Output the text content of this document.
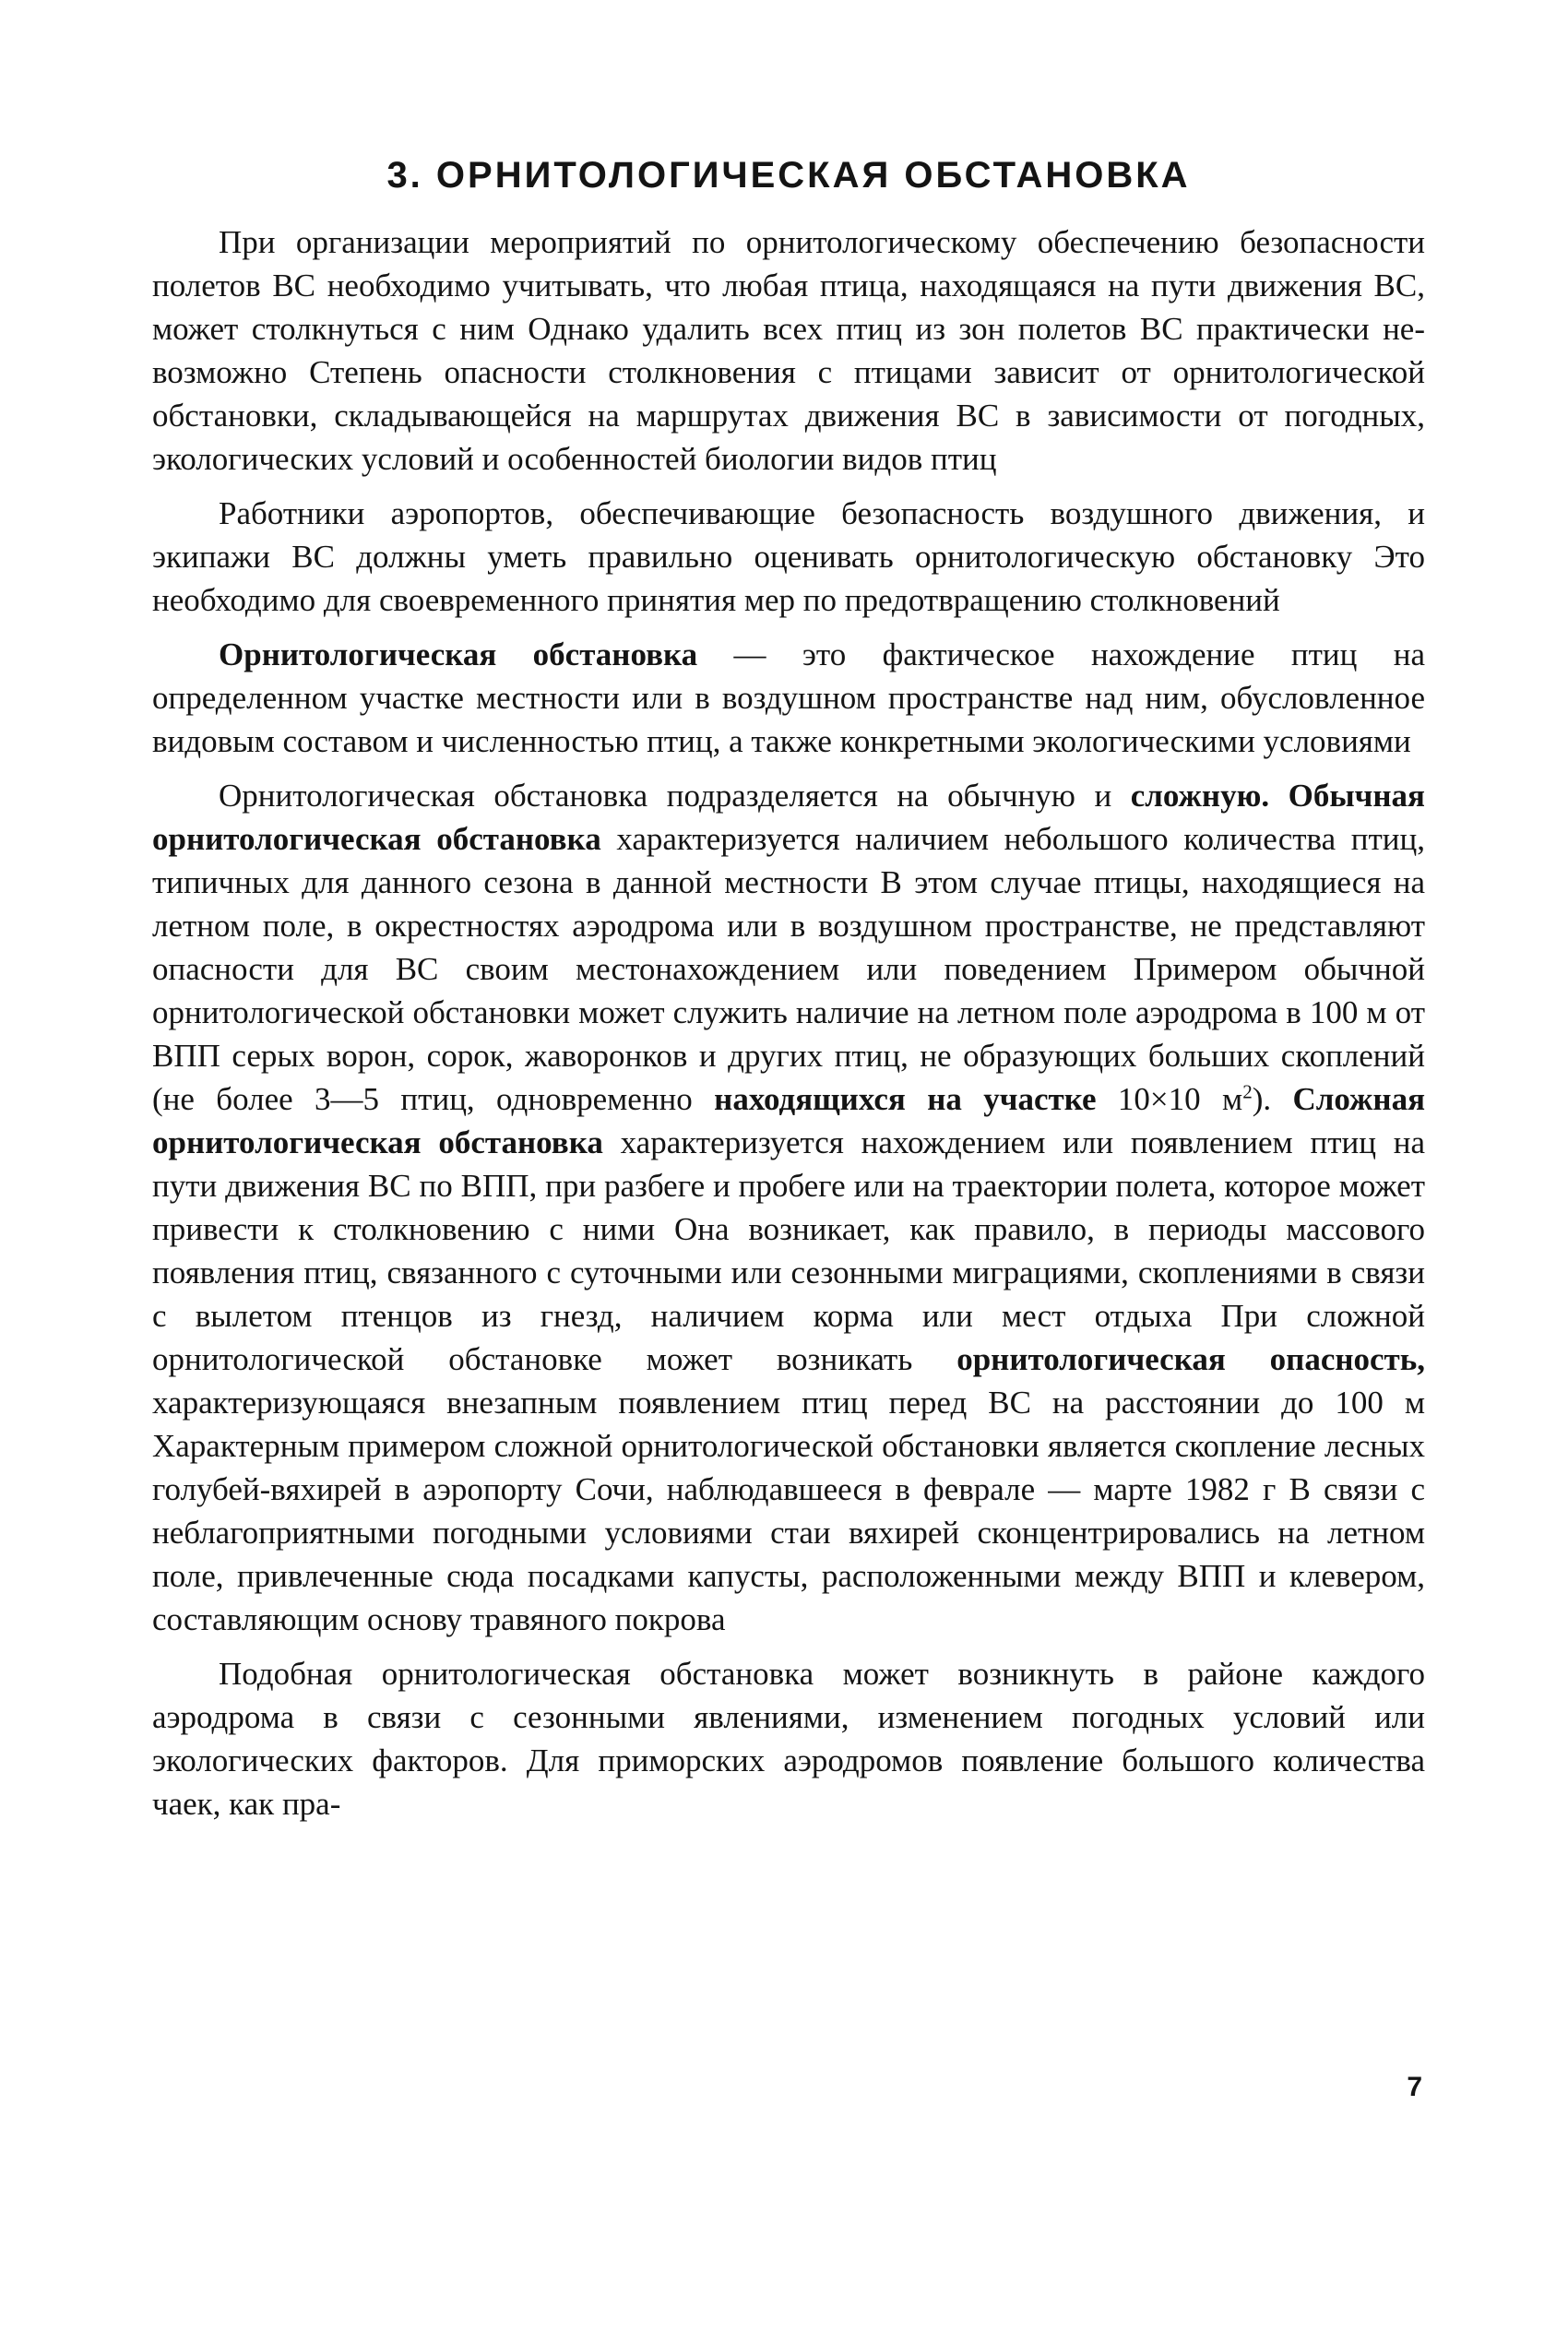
3. ОРНИТОЛОГИЧЕСКАЯ ОБСТАНОВКА

При организации мероприятий по орнитологическому обеспечению безопасности полетов ВС необходимо учитывать, что любая птица, находящаяся на пути движения ВС, может столкнуться с ним Однако удалить всех птиц из зон полетов ВС практически невозможно Степень опасности столкновения с птицами зависит от орнитологической обстановки, складывающейся на маршрутах движения ВС в зависимости от погодных, экологических условий и особенностей биологии видов птиц

Работники аэропортов, обеспечивающие безопасность воздушного движения, и экипажи ВС должны уметь правильно оценивать орнитологическую обстановку Это необходимо для своевременного принятия мер по предотвращению столкновений

Орнитологическая обстановка — это фактическое нахождение птиц на определенном участке местности или в воздушном пространстве над ним, обусловленное видовым составом и численностью птиц, а также конкретными экологическими условиями

Орнитологическая обстановка подразделяется на обычную и сложную. Обычная орнитологическая обстановка характеризуется наличием небольшого количества птиц, типичных для данного сезона в данной местности В этом случае птицы, находящиеся на летном поле, в окрестностях аэродрома или в воздушном пространстве, не представляют опасности для ВС своим местонахождением или поведением Примером обычной орнитологической обстановки может служить наличие на летном поле аэродрома в 100 м от ВПП серых ворон, сорок, жаворонков и других птиц, не образующих больших скоплений (не более 3—5 птиц, одновременно находящихся на участке 10×10 $м^2$). Сложная орнитологическая обстановка характеризуется нахождением или появлением птиц на пути движения ВС по ВПП, при разбеге и пробеге или на траектории полета, которое может привести к столкновению с ними Она возникает, как правило, в периоды массового появления птиц, связанного с суточными или сезонными миграциями, скоплениями в связи с вылетом птенцов из гнезд, наличием корма или мест отдыха При сложной орнитологической обстановке может возникать орнитологическая опасность, характеризующаяся внезапным появлением птиц перед ВС на расстоянии до 100 м Характерным примером сложной орнитологической обстановки является скопление лесных голубей-вяхирей в аэропорту Сочи, наблюдавшееся в феврале — марте 1982 г В связи с неблагоприятными погодными условиями стаи вяхирей сконцентрировались на летном поле, привлеченные сюда посадками капусты, расположенными между ВПП и клевером, составляющим основу травяного покрова

Подобная орнитологическая обстановка может возникнуть в районе каждого аэродрома в связи с сезонными явлениями, изменением погодных условий или экологических факторов. Для приморских аэродромов появление большого количества чаек, как пра-

7
